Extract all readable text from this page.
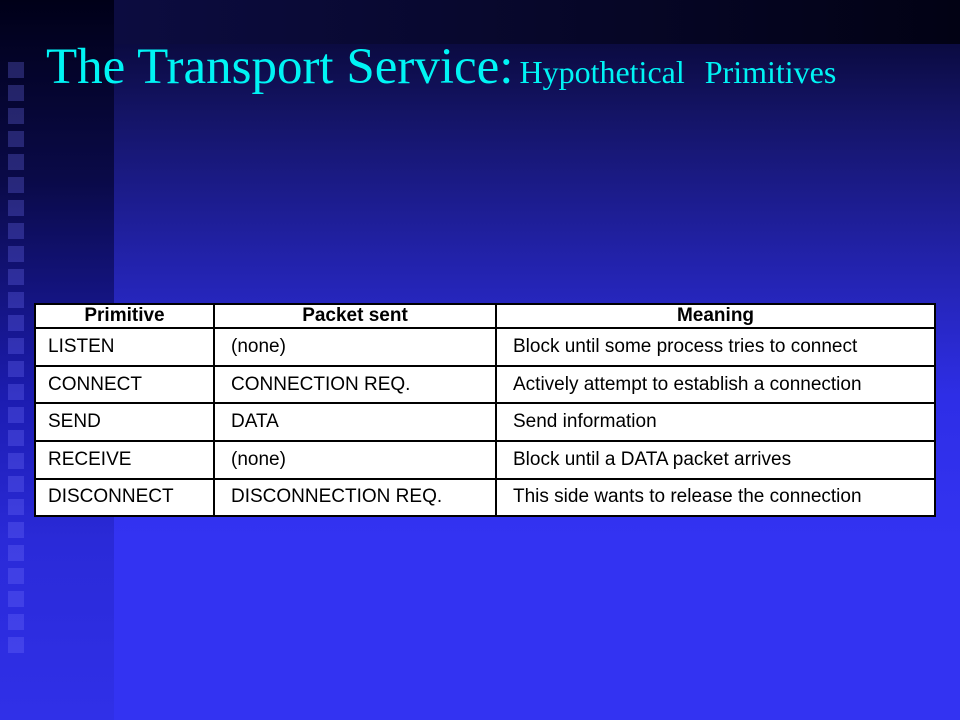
The Transport Service: Hypothetical Primitives
Primitive	Packet sent	Meaning
LISTEN	(none)	Block until some process tries to connect
CONNECT	CONNECTION REQ.	Actively attempt to establish a connection
SEND	DATA	Send information
RECEIVE	(none)	Block until a DATA packet arrives
DISCONNECT	DISCONNECTION REQ.	This side wants to release the connection
